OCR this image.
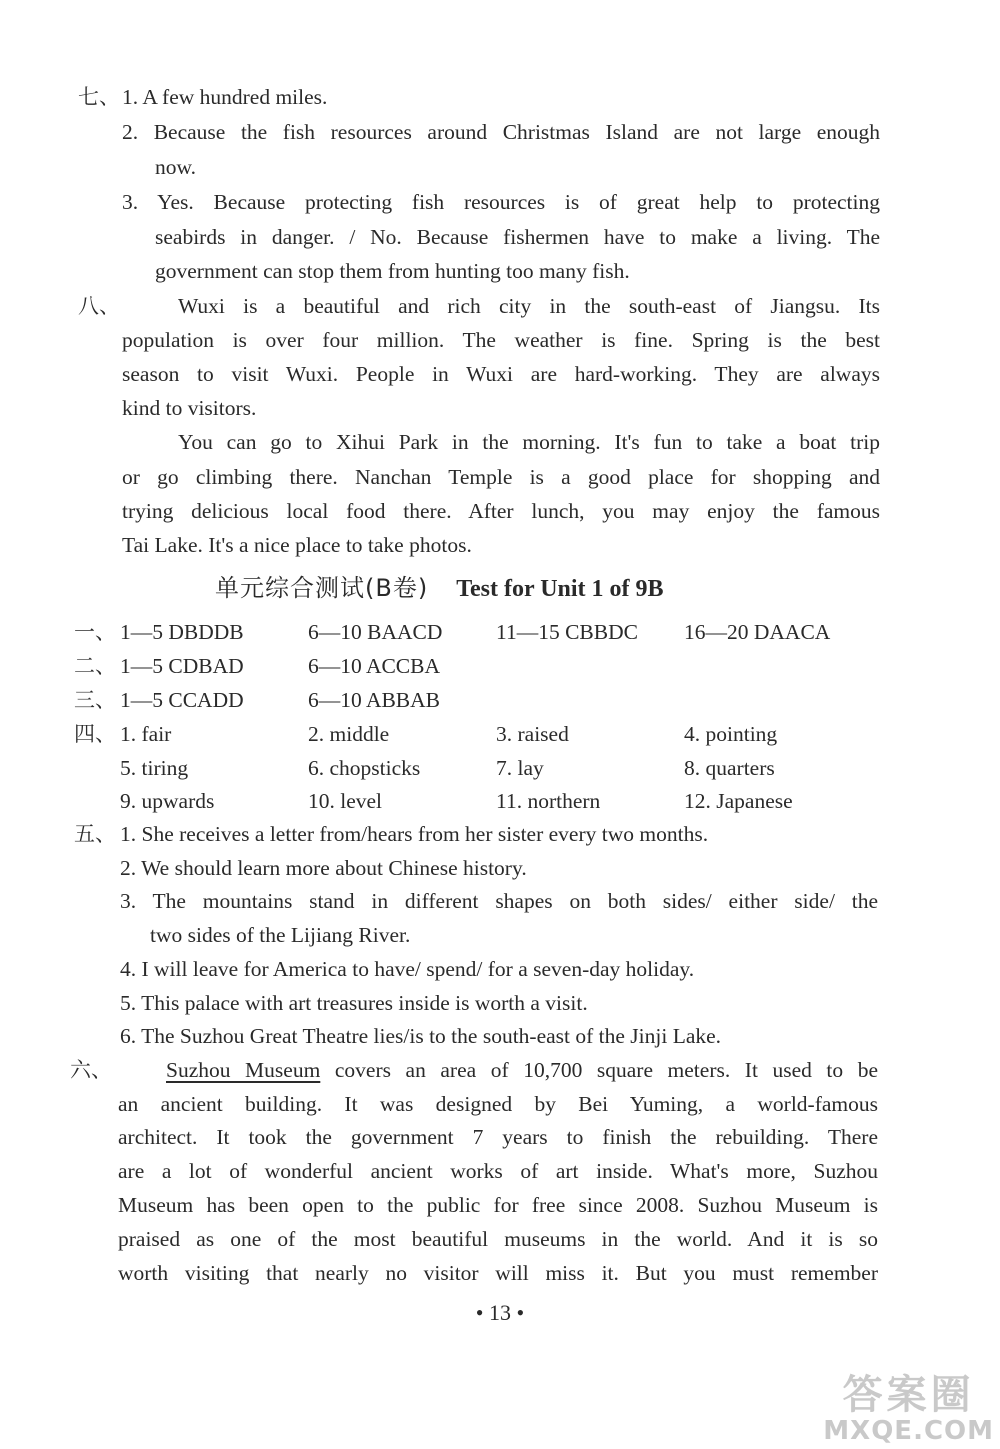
七、 1. A few hundred miles.
2. Because the fish resources around Christmas Island are not large enough
now.
3. Yes. Because protecting fish resources is of great help to protecting
seabirds in danger. / No. Because fishermen have to make a living. The
government can stop them from hunting too many fish.
八、	Wuxi is a beautiful and rich city in the south-east of Jiangsu. Its
population is over four million. The weather is fine. Spring is the best
season to visit Wuxi. People in Wuxi are hard-working. They are always
kind to visitors.
You can go to Xihui Park in the morning. It's fun to take a boat trip
or go climbing there. Nanchan Temple is a good place for shopping and
trying delicious local food there. After lunch, you may enjoy the famous
Tai Lake. It's a nice place to take photos.
单元综合测试(B卷) Test for Unit 1 of 9B
一、 1—5 DBDDB	6—10 BAACD 11—15 CBBDC 16—20 DAACA
二、 1—5 CDBAD	6—10 ACCBA
三、 1—5 CCADD	6—10 ABBAB
四、 1. fair	2. middle	3. raised	4. pointing
5. tiring	6. chopsticks	7. lay	8. quarters
9. upwards	10. level	11. northern	12. Japanese
五、 1. She receives a letter from/hears from her sister every two months.
2. We should learn more about Chinese history.
3. The mountains stand in different shapes on both sides/ either side/ the
two sides of the Lijiang River.
4. I will leave for America to have/ spend/ for a seven-day holiday.
5. This palace with art treasures inside is worth a visit.
6. The Suzhou Great Theatre lies/is to the south-east of the Jinji Lake.
六、	Suzhou Museum covers an area of 10,700 square meters. It used to be
an ancient building. It was designed by Bei Yuming, a world-famous
architect. It took the government 7 years to finish the rebuilding. There
are a lot of wonderful ancient works of art inside. What's more, Suzhou
Museum has been open to the public for free since 2008. Suzhou Museum is
praised as one of the most beautiful museums in the world. And it is so
worth visiting that nearly no visitor will miss it. But you must remember
• 13 •
答案圈
MXQE.COM
